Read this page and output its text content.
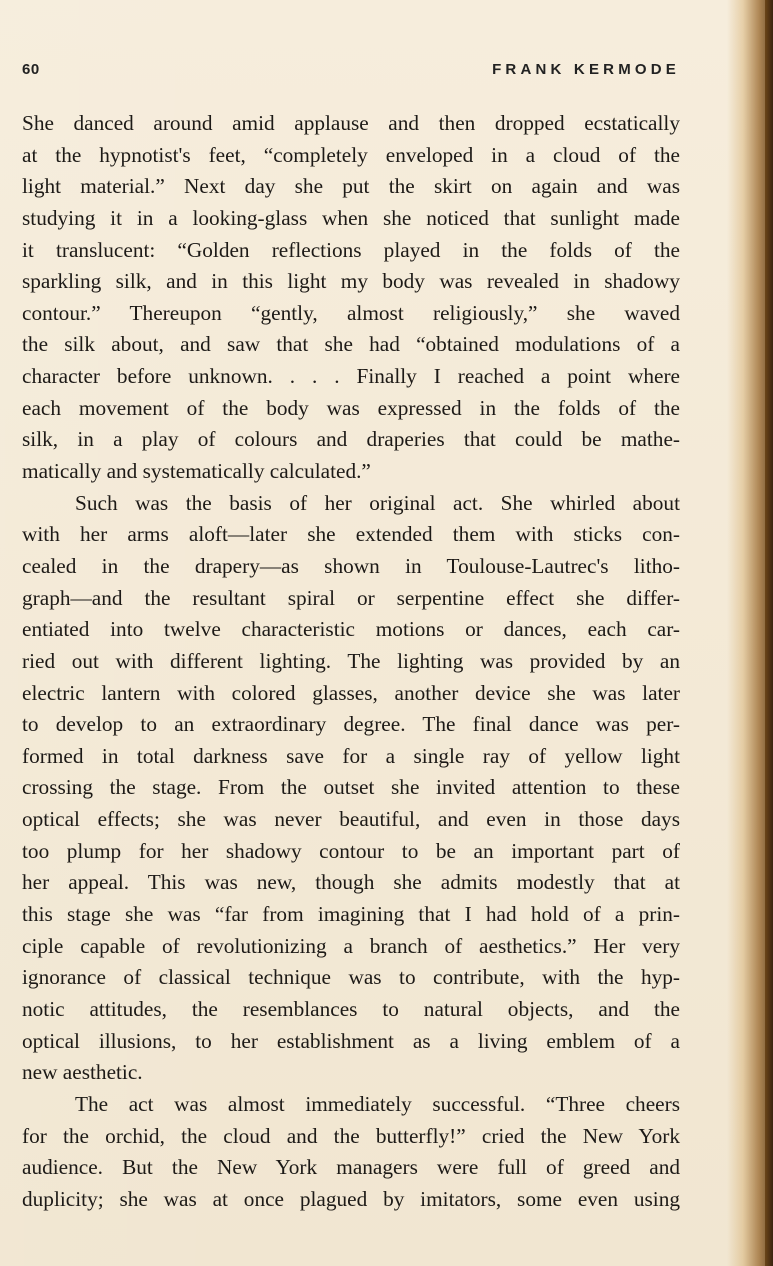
60	FRANK KERMODE
She danced around amid applause and then dropped ecstatically
at the hypnotist's feet, “completely enveloped in a cloud of the
light material.” Next day she put the skirt on again and was
studying it in a looking-glass when she noticed that sunlight made
it translucent: “Golden reflections played in the folds of the
sparkling silk, and in this light my body was revealed in shadowy
contour.” Thereupon “gently, almost religiously,” she waved
the silk about, and saw that she had “obtained modulations of a
character before unknown. . . . Finally I reached a point where
each movement of the body was expressed in the folds of the
silk, in a play of colours and draperies that could be mathe-
matically and systematically calculated.”
Such was the basis of her original act. She whirled about
with her arms aloft—later she extended them with sticks con-
cealed in the drapery—as shown in Toulouse-Lautrec's litho-
graph—and the resultant spiral or serpentine effect she differ-
entiated into twelve characteristic motions or dances, each car-
ried out with different lighting. The lighting was provided by an
electric lantern with colored glasses, another device she was later
to develop to an extraordinary degree. The final dance was per-
formed in total darkness save for a single ray of yellow light
crossing the stage. From the outset she invited attention to these
optical effects; she was never beautiful, and even in those days
too plump for her shadowy contour to be an important part of
her appeal. This was new, though she admits modestly that at
this stage she was “far from imagining that I had hold of a prin-
ciple capable of revolutionizing a branch of aesthetics.” Her very
ignorance of classical technique was to contribute, with the hyp-
notic attitudes, the resemblances to natural objects, and the
optical illusions, to her establishment as a living emblem of a
new aesthetic.
The act was almost immediately successful. “Three cheers
for the orchid, the cloud and the butterfly!” cried the New York
audience. But the New York managers were full of greed and
duplicity; she was at once plagued by imitators, some even using
